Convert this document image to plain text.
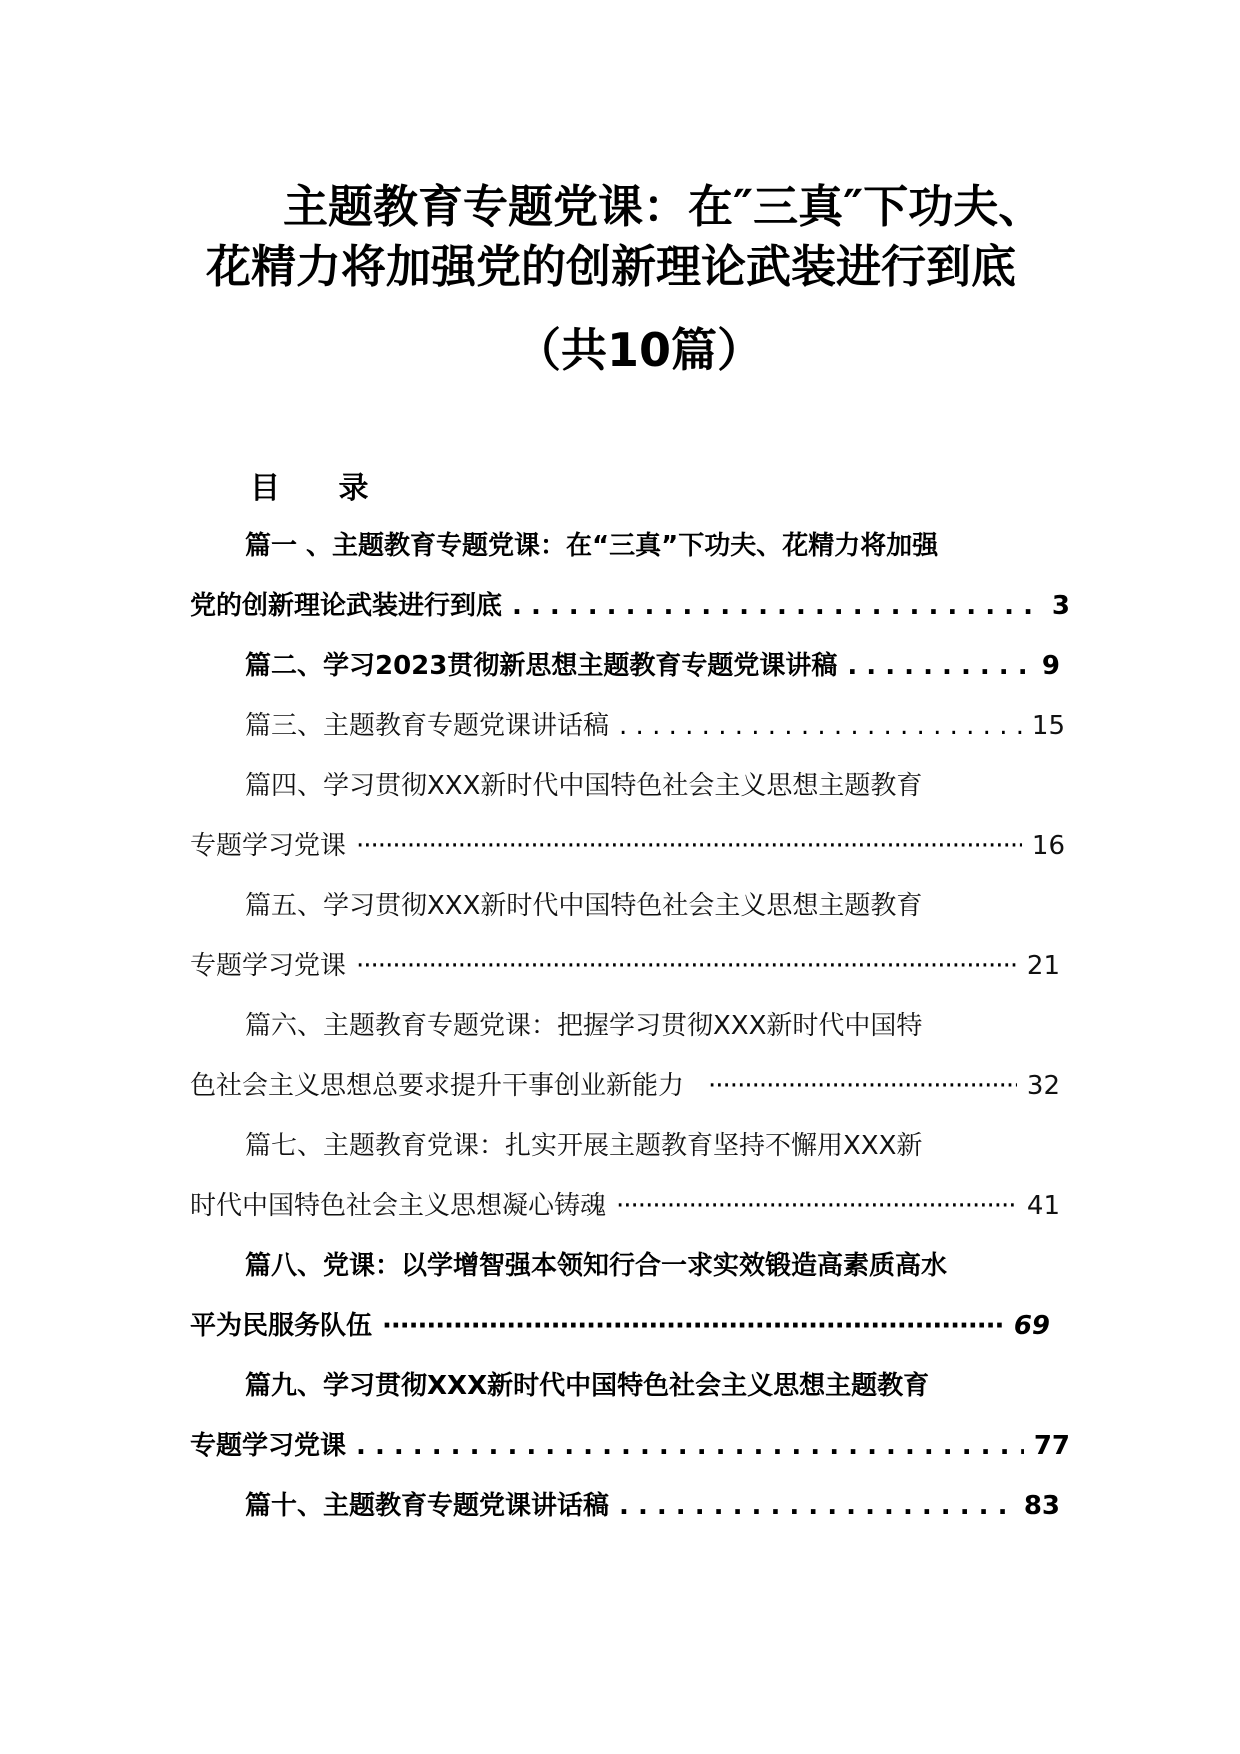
主题教育专题党课：在″三真″下功夫、
花精力将加强党的创新理论武装进行到底
（共10篇）
目 录
篇一 、主题教育专题党课：在“三真”下功夫、花精力将加强
党的创新理论武装进行到底 . . .	3
篇二、学习2023贯彻新思想主题教育专题党课讲稿 . . .	9
篇三、主题教育专题党课讲话稿 . . .	15
篇四、学习贯彻XXX新时代中国特色社会主义思想主题教育
专题学习党课 ·····	16
篇五、学习贯彻XXX新时代中国特色社会主义思想主题教育
专题学习党课 ·····	21
篇六、主题教育专题党课：把握学习贯彻XXX新时代中国特
色社会主义思想总要求提升干事创业新能力 ·····	32
篇七、主题教育党课：扎实开展主题教育坚持不懈用XXX新
时代中国特色社会主义思想凝心铸魂 ·····	41
篇八、党课：以学增智强本领知行合一求实效锻造高素质高水
平为民服务队伍 ·····	69
篇九、学习贯彻XXX新时代中国特色社会主义思想主题教育
专题学习党课 . . .	77
篇十、主题教育专题党课讲话稿 . . .	83
